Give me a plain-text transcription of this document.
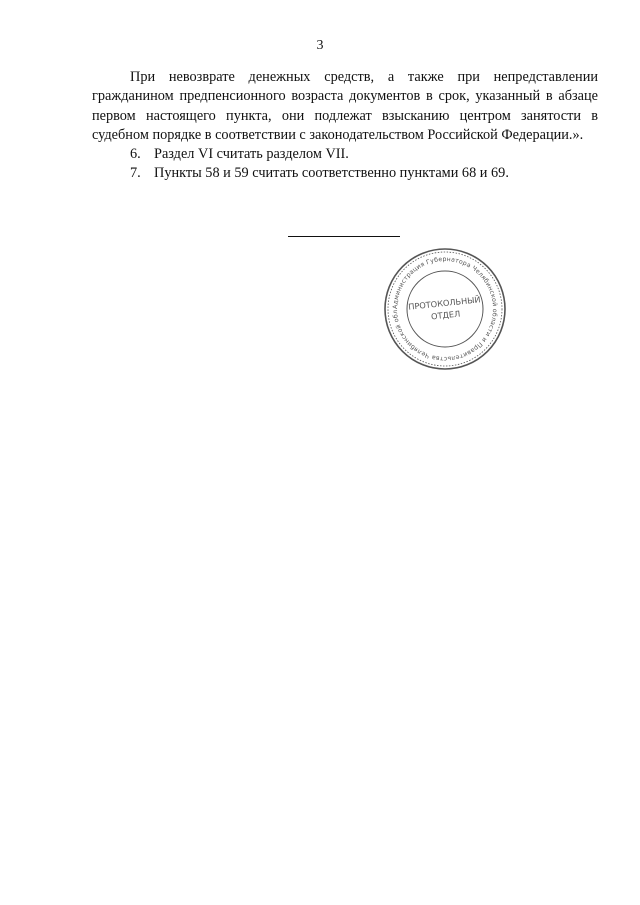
3

При невозврате денежных средств, а также при непредставлении гражданином предпенсионного возраста документов в срок, указанный в абзаце первом настоящего пункта, они подлежат взысканию центром занятости в судебном порядке в соответствии с законодательством Российской Федерации.».

6. Раздел VI считать разделом VII.
7. Пункты 58 и 59 считать соответственно пунктами 68 и 69.
Администрация Губернатора Челябинской области и Правительства Челябинской обл
ПРОТОКОЛЬНЫЙ
ОТДЕЛ
